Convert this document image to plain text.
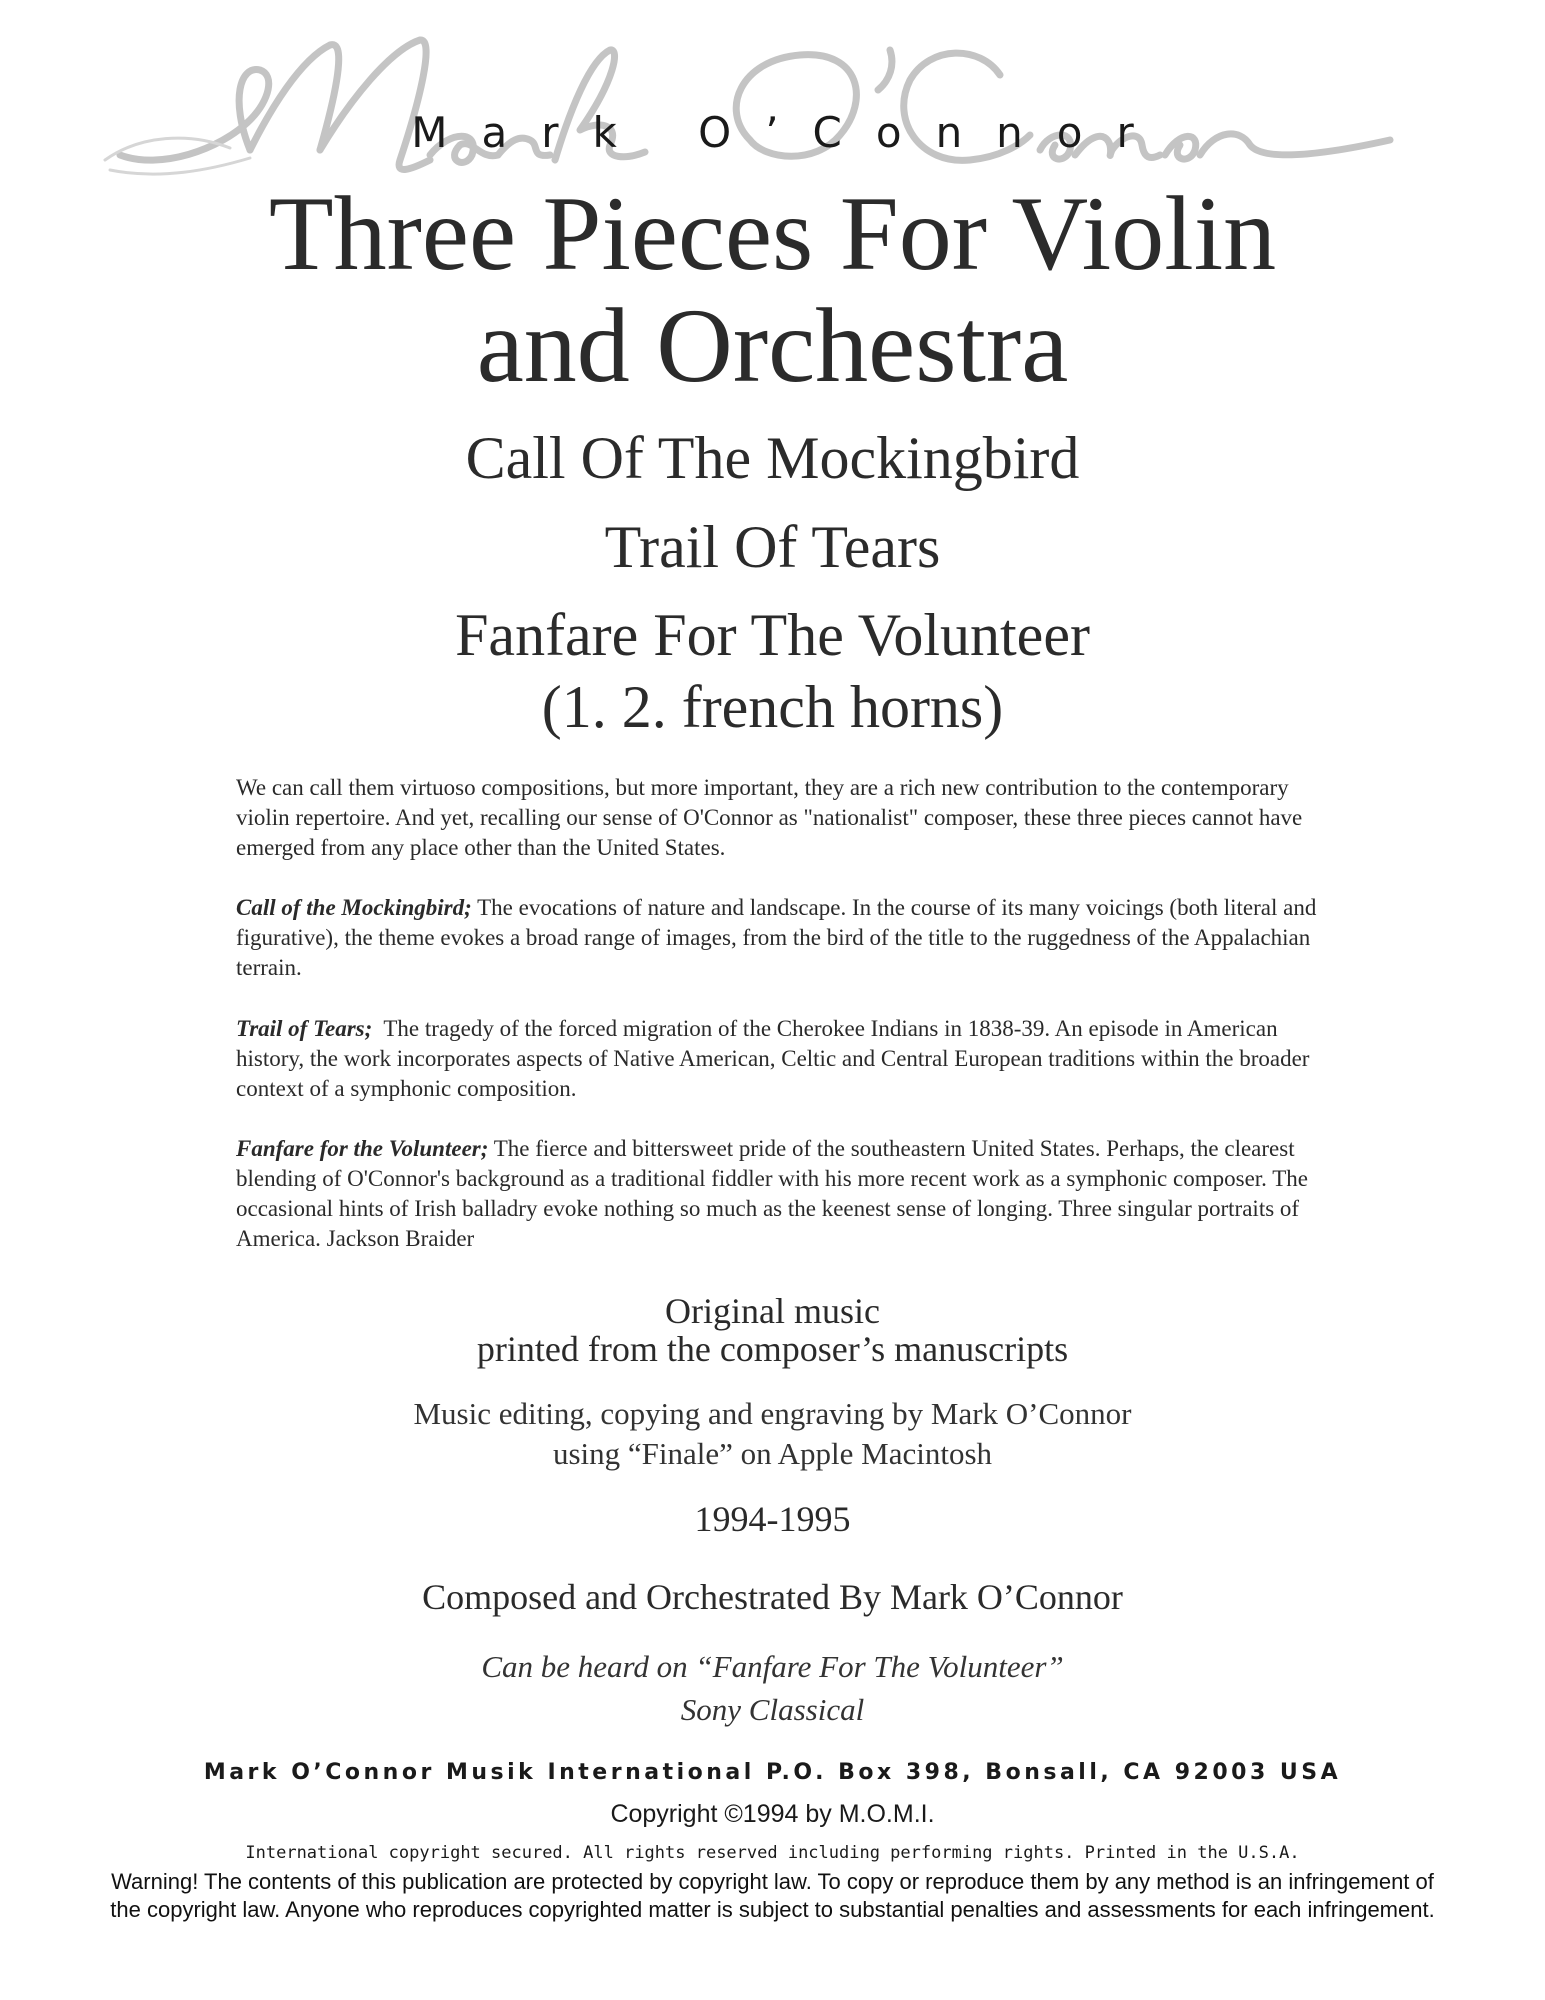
Mark O’Connor
Three Pieces For Violin
and Orchestra
Call Of The Mockingbird
Trail Of Tears
Fanfare For The Volunteer
(1. 2. french horns)

We can call them virtuoso compositions, but more important, they are a rich new contribution to the contemporary violin repertoire. And yet, recalling our sense of O'Connor as "nationalist" composer, these three pieces cannot have emerged from any place other than the United States.

Call of the Mockingbird; The evocations of nature and landscape. In the course of its many voicings (both literal and figurative), the theme evokes a broad range of images, from the bird of the title to the ruggedness of the Appalachian terrain.

Trail of Tears;  The tragedy of the forced migration of the Cherokee Indians in 1838-39. An episode in American history, the work incorporates aspects of Native American, Celtic and Central European traditions within the broader context of a symphonic composition.

Fanfare for the Volunteer; The fierce and bittersweet pride of the southeastern United States. Perhaps, the clearest blending of O'Connor's background as a traditional fiddler with his more recent work as a symphonic composer. The occasional hints of Irish balladry evoke nothing so much as the keenest sense of longing. Three singular portraits of America. Jackson Braider

Original music
printed from the composer’s manuscripts

Music editing, copying and engraving by Mark O’Connor
using “Finale” on Apple Macintosh

1994-1995

Composed and Orchestrated By Mark O’Connor

Can be heard on “Fanfare For The Volunteer”
Sony Classical

Mark O’Connor Musik International P.O. Box 398, Bonsall, CA 92003 USA
Copyright ©1994 by M.O.M.I.
International copyright secured. All rights reserved including performing rights. Printed in the U.S.A.

Warning! The contents of this publication are protected by copyright law. To copy or reproduce them by any method is an infringement of the copyright law. Anyone who reproduces copyrighted matter is subject to substantial penalties and assessments for each infringement.
